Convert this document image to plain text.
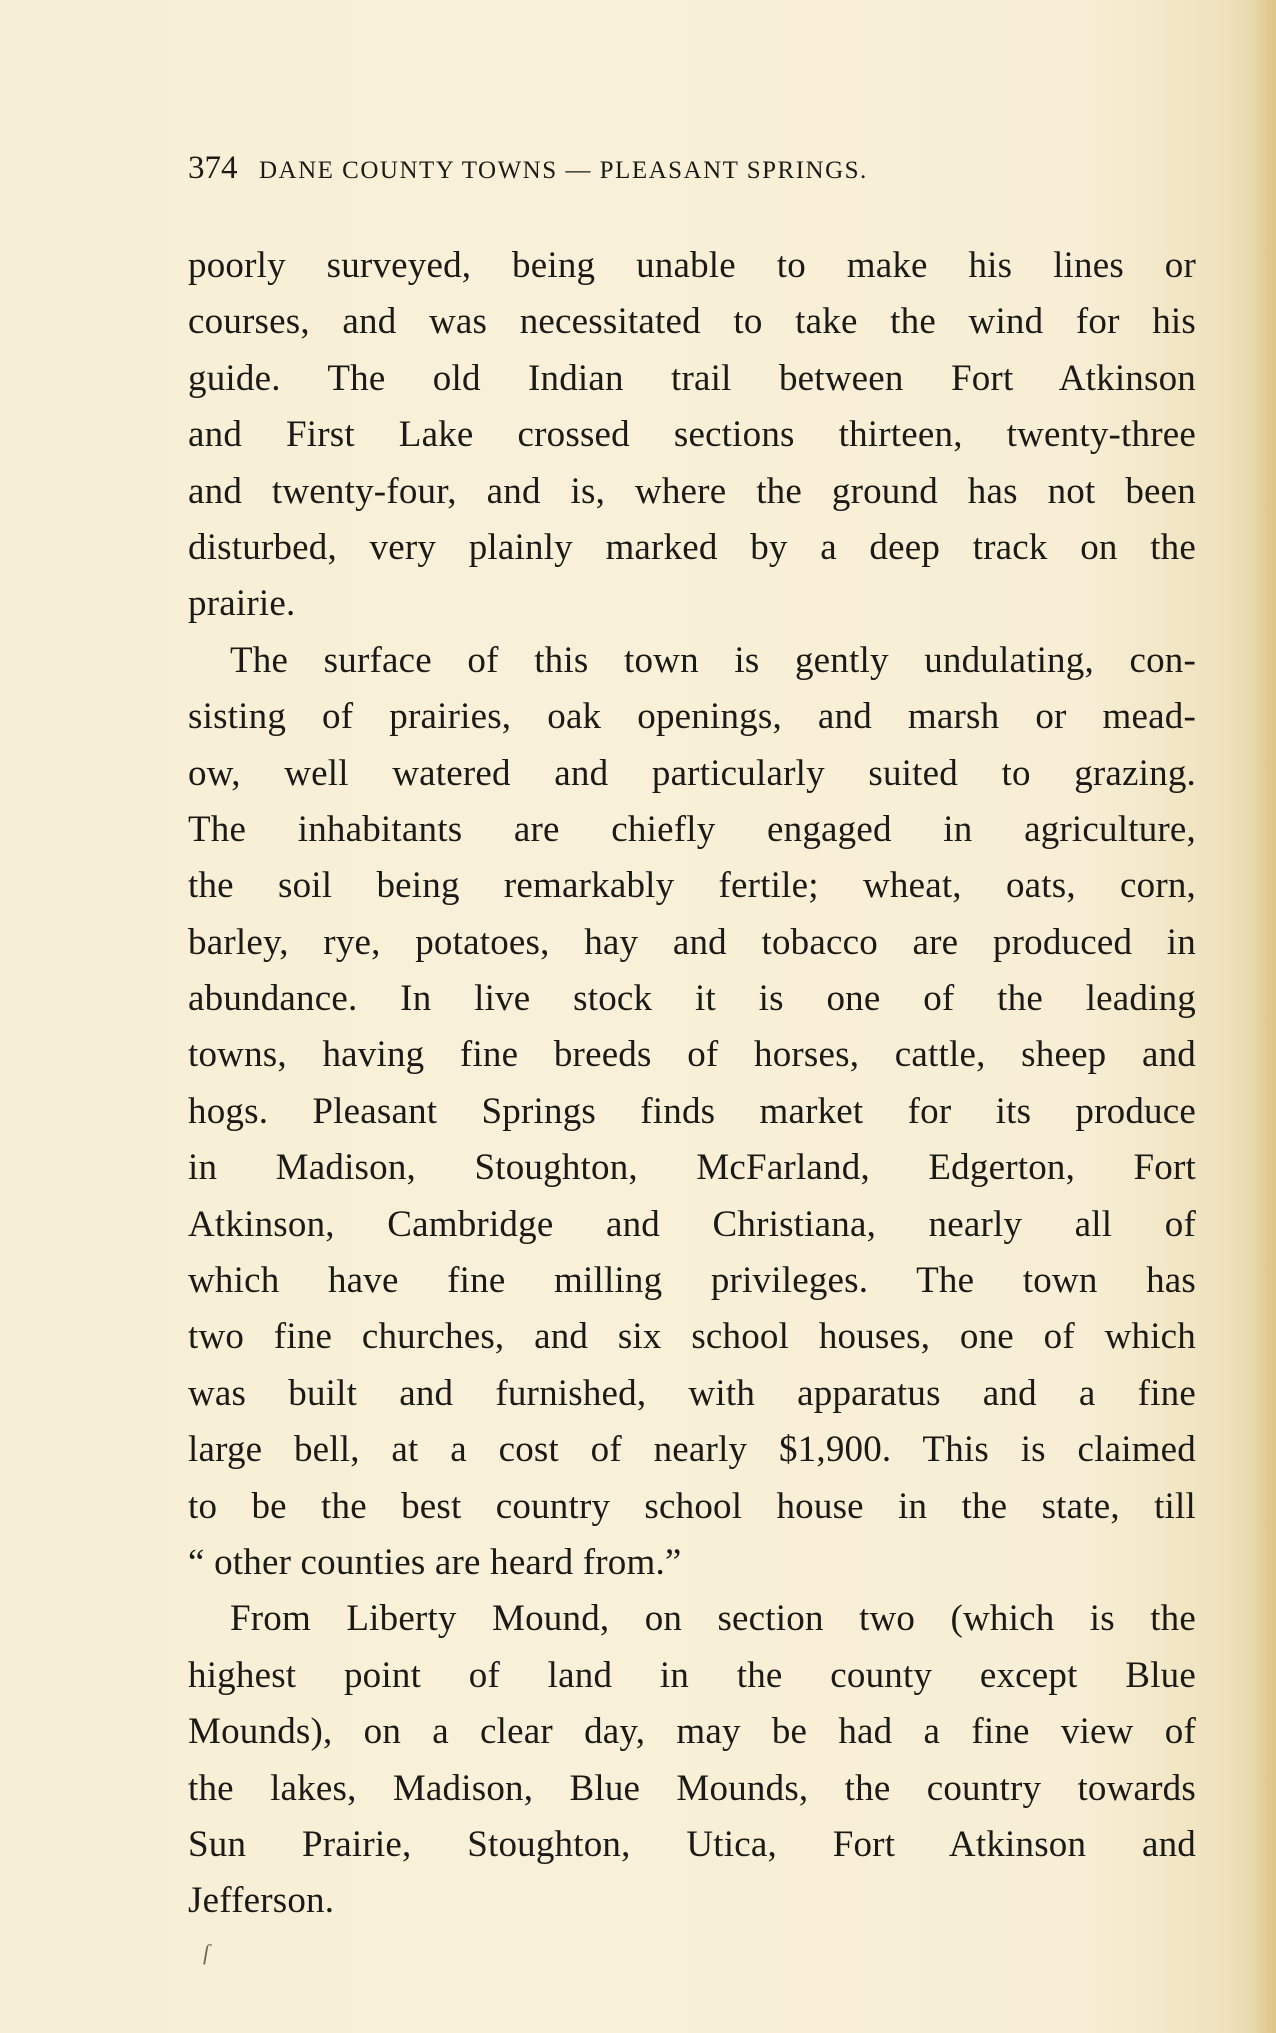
374 DANE COUNTY TOWNS — PLEASANT SPRINGS.
poorly surveyed, being unable to make his lines or
courses, and was necessitated to take the wind for his
guide. The old Indian trail between Fort Atkinson
and First Lake crossed sections thirteen, twenty-three
and twenty-four, and is, where the ground has not been
disturbed, very plainly marked by a deep track on the
prairie.
The surface of this town is gently undulating, con-
sisting of prairies, oak openings, and marsh or mead-
ow, well watered and particularly suited to grazing.
The inhabitants are chiefly engaged in agriculture,
the soil being remarkably fertile; wheat, oats, corn,
barley, rye, potatoes, hay and tobacco are produced in
abundance. In live stock it is one of the leading
towns, having fine breeds of horses, cattle, sheep and
hogs. Pleasant Springs finds market for its produce
in Madison, Stoughton, McFarland, Edgerton, Fort
Atkinson, Cambridge and Christiana, nearly all of
which have fine milling privileges. The town has
two fine churches, and six school houses, one of which
was built and furnished, with apparatus and a fine
large bell, at a cost of nearly $1,900. This is claimed
to be the best country school house in the state, till
“ other counties are heard from.”
From Liberty Mound, on section two (which is the
highest point of land in the county except Blue
Mounds), on a clear day, may be had a fine view of
the lakes, Madison, Blue Mounds, the country towards
Sun Prairie, Stoughton, Utica, Fort Atkinson and
Jefferson.
ſ
